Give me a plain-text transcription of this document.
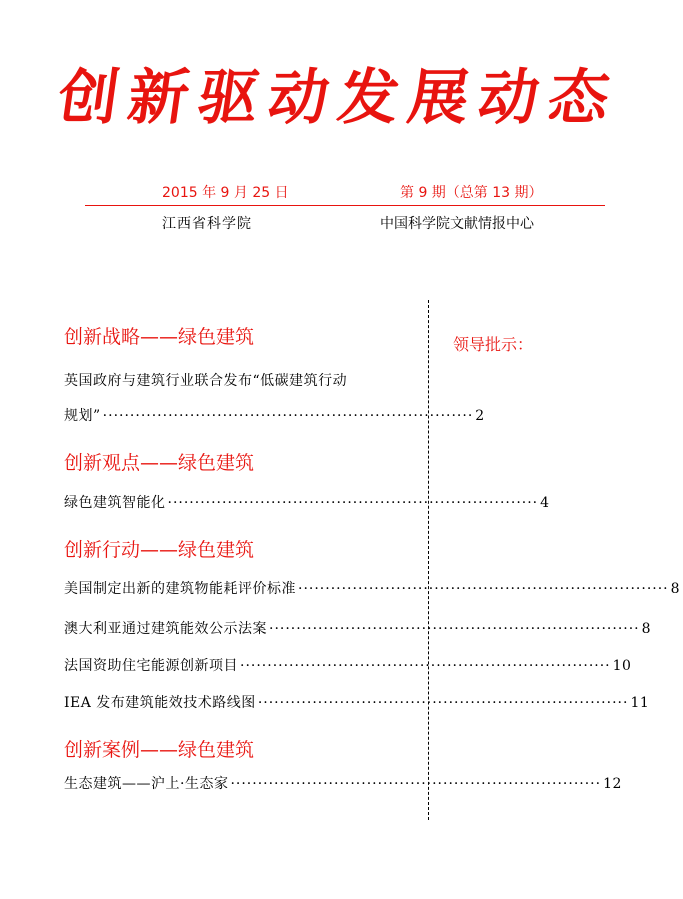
创新驱动发展动态
2015 年 9 月 25 日	第 9 期（总第 13 期）
江西省科学院	中国科学院文献情报中心
领导批示：
创新战略——绿色建筑
英国政府与建筑行业联合发布“低碳建筑行动
规划” ···································································· 2
创新观点——绿色建筑
绿色建筑智能化 ···································································· 4
创新行动——绿色建筑
美国制定出新的建筑物能耗评价标准 ···································································· 8
澳大利亚通过建筑能效公示法案 ···································································· 8
法国资助住宅能源创新项目 ···································································· 10
IEA 发布建筑能效技术路线图 ···································································· 11
创新案例——绿色建筑
生态建筑——沪上·生态家 ···································································· 12
